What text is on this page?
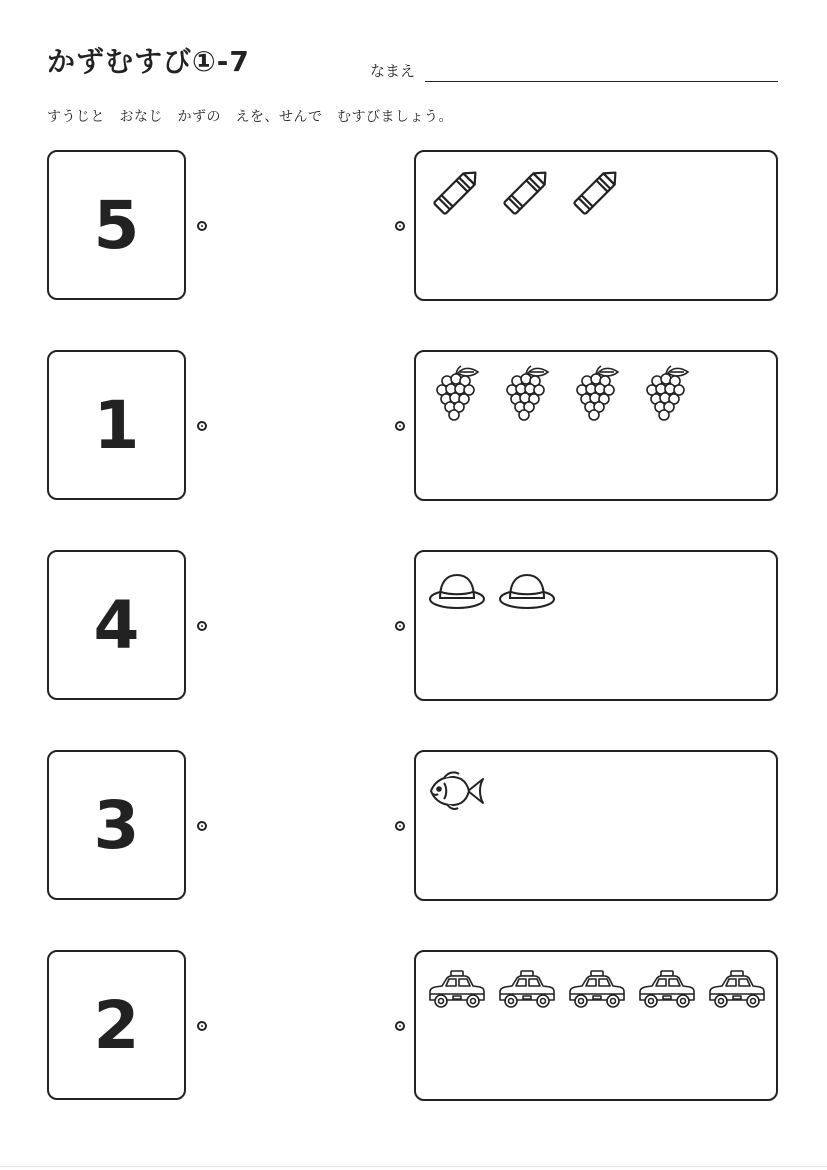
かずむすび①-7	なまえ
すうじと　おなじ　かずの　えを、せんで　むすびましょう。
5
1
4
3
2
